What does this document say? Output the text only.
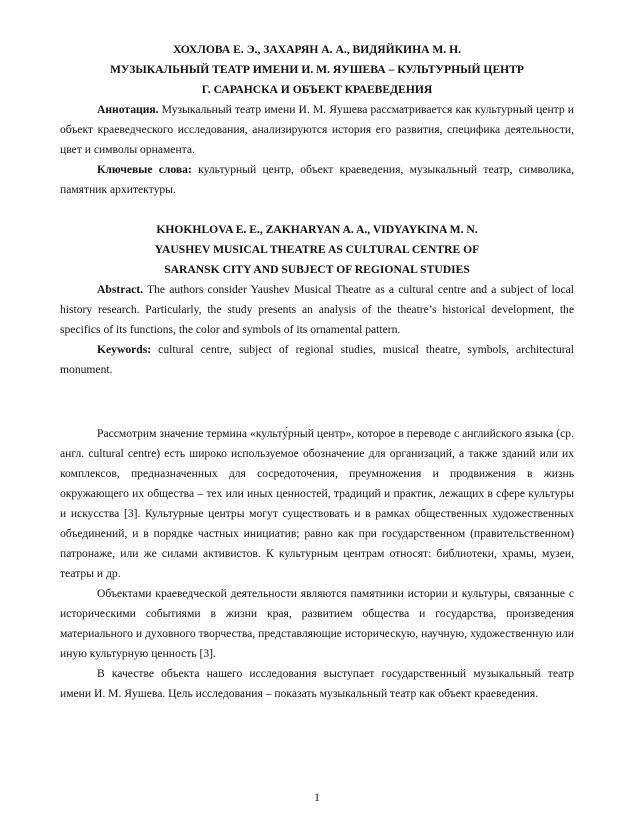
ХОХЛОВА Е. Э., ЗАХАРЯН А. А., ВИДЯЙКИНА М. Н.
МУЗЫКАЛЬНЫЙ ТЕАТР ИМЕНИ И. М. ЯУШЕВА – КУЛЬТУРНЫЙ ЦЕНТР
Г. САРАНСКА И ОБЪЕКТ КРАЕВЕДЕНИЯ

Аннотация. Музыкальный театр имени И. М. Яушева рассматривается как культурный центр и объект краеведческого исследования, анализируются история его развития, специфика деятельности, цвет и символы орнамента.

Ключевые слова: культурный центр, объект краеведения, музыкальный театр, символика, памятник архитектуры.

KHOKHLOVA E. E., ZAKHARYAN A. A., VIDYAYKINA M. N.
YAUSHEV MUSICAL THEATRE AS CULTURAL CENTRE OF
SARANSK CITY AND SUBJECT OF REGIONAL STUDIES

Abstract. The authors consider Yaushev Musical Theatre as a cultural centre and a subject of local history research. Particularly, the study presents an analysis of the theatre’s historical development, the specifics of its functions, the color and symbols of its ornamental pattern.

Keywords: cultural centre, subject of regional studies, musical theatre, symbols, architectural monument.

Рассмотрим значение термина «культу́рный центр», которое в переводе с английского языка (ср. англ. cultural centre) есть широко используемое обозначение для организаций, а также зданий или их комплексов, предназначенных для сосредоточения, преумножения и продвижения в жизнь окружающего их общества – тех или иных ценностей, традиций и практик, лежащих в сфере культуры и искусства [3]. Культурные центры могут существовать и в рамках общественных художественных объединений, и в порядке частных инициатив; равно как при государственном (правительственном) патронаже, или же силами активистов. К культурным центрам относят: библиотеки, храмы, музеи, театры и др.

Объектами краеведческой деятельности являются памятники истории и культуры, связанные с историческими событиями в жизни края, развитием общества и государства, произведения материального и духовного творчества, представляющие историческую, научную, художественную или иную культурную ценность [3].

В качестве объекта нашего исследования выступает государственный музыкальный театр имени И. М. Яушева. Цель исследования – показать музыкальный театр как объект краеведения.

1
